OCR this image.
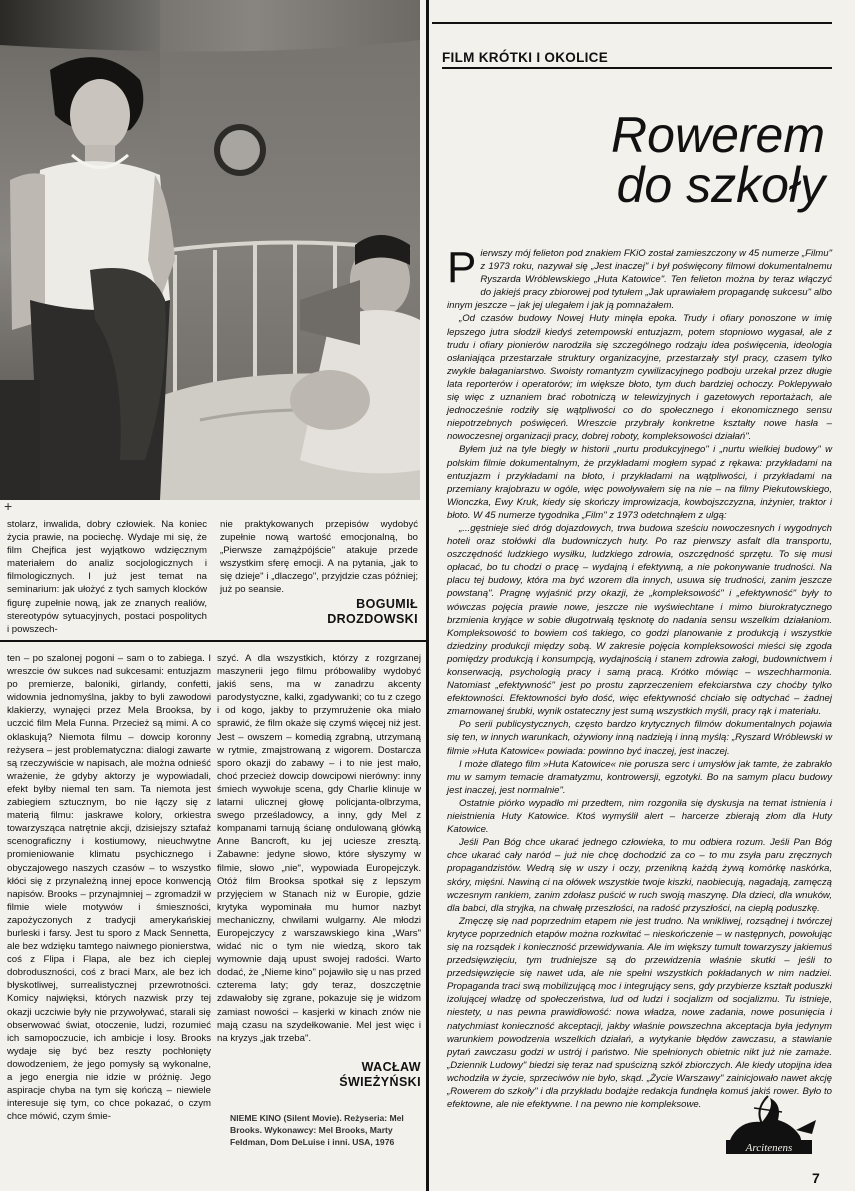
+
FILM KRÓTKI I OKOLICE
Rowerem
do szkoły

stolarz, inwalida, dobry człowiek. Na koniec życia prawie, na pociechę. Wydaje mi się, że film Chejfica jest wyjątkowo wdzięcznym materiałem do analiz socjologicznych i filmologicznych. I już jest temat na seminarium: jak ułożyć z tych samych klocków figurę zupełnie nową, jak ze znanych realiów, stereotypów sytuacyjnych, postaci pospolitych i powszech-

nie praktykowanych przepisów wydobyć zupełnie nową wartość emocjonalną, bo „Pierwsze zamążpójście" atakuje przede wszystkim sferę emocji. A na pytania, „jak to się dzieje" i „dlaczego", przyjdzie czas później; już po seansie.

BOGUMIŁ
DROZDOWSKI

ten – po szalonej pogoni – sam o to zabiega. I wreszcie ów sukces nad sukcesami: entuzjazm po premierze, baloniki, girlandy, confetti, widownia jednomyślna, jakby to byli zawodowi klakierzy, wynajęci przez Mela Brooksa, by uczcić film Mela Funna. Przecież są mimi. A co oklaskują? Niemota filmu – dowcip koronny reżysera – jest problematyczna: dialogi zawarte są rzeczywiście w napisach, ale można odnieść wrażenie, że gdyby aktorzy je wypowiadali, efekt byłby niemal ten sam. Ta niemota jest zabiegiem sztucznym, bo nie łączy się z materią filmu: jaskrawe kolory, orkiestra towarzysząca natrętnie akcji, dzisiejszy sztafaż scenograficzny i kostiumowy, nieuchwytne promieniowanie klimatu psychicznego i obyczajowego naszych czasów – to wszystko kłóci się z przynależną innej epoce konwencją napisów. Brooks – przynajmniej – zgromadził w filmie wiele motywów i śmieszności, zapożyczonych z tradycji amerykańskiej burleski i farsy. Jest tu sporo z Mack Sennetta, ale bez wdzięku tamtego naiwnego pionierstwa, coś z Flipa i Flapa, ale bez ich cieplej dobroduszności, coś z braci Marx, ale bez ich błyskotliwej, surrealistycznej przewrotności. Komicy najwięksi, których nazwisk przy tej okazji uczciwie były nie przywoływać, starali się obserwować świat, otoczenie, ludzi, rozumieć ich samopoczucie, ich ambicje i losy. Brooks wydaje się być bez reszty pochłonięty dowodzeniem, że jego pomysły są wykonalne, a jego energia nie idzie w próżnię. Jego aspiracje chyba na tym się kończą – niewiele interesuje się tym, co chce pokazać, o czym chce mówić, czym śmie-

szyć. A dla wszystkich, którzy z rozgrzanej maszynerii jego filmu próbowaliby wydobyć jakiś sens, ma w zanadrzu akcenty parodystyczne, kalki, zgadywanki; co tu z czego i od kogo, jakby to przymrużenie oka miało sprawić, że film okaże się czymś więcej niż jest. Jest – owszem – komedią zgrabną, utrzymaną w rytmie, zmajstrowaną z wigorem. Dostarcza sporo okazji do zabawy – i to nie jest mało, choć przecież dowcip dowcipowi nierówny: inny śmiech wywołuje scena, gdy Charlie klinuje w latarni ulicznej głowę policjanta-olbrzyma, swego prześladowcy, a inny, gdy Mel z kompanami tarnują ścianę ondulowaną główką Anne Bancroft, ku jej uciesze zresztą. Zabawne: jedyne słowo, które słyszymy w filmie, słowo „nie", wypowiada Europejczyk. Otóż film Brooksa spotkał się z lepszym przyjęciem w Stanach niż w Europie, gdzie krytyka wypominała mu humor nazbyt mechaniczny, chwilami wulgarny. Ale młodzi Europejczycy z warszawskiego kina „Wars" widać nic o tym nie wiedzą, skoro tak wymownie dają upust swojej radości. Warto dodać, że „Nieme kino" pojawiło się u nas przed czterema laty; gdy teraz, doszczętnie zdawałoby się zgrane, pokazuje się je widzom zamiast nowości – kasjerki w kinach znów nie mają czasu na szydełkowanie. Mel jest więc i na kryzys „jak trzeba".

WACŁAW
ŚWIEŻYŃSKI
NIEME KINO (Silent Movie). Reżyseria: Mel Brooks. Wykonawcy: Mel Brooks, Marty Feldman, Dom DeLuise i inni. USA, 1976
P ierwszy mój felieton pod znakiem FKiO został zamieszczony w 45 numerze „Filmu" z 1973 roku, nazywał się „Jest inaczej" i był poświęcony filmowi dokumentalnemu Ryszarda Wróblewskiego „Huta Katowice". Ten felieton można by teraz włączyć do jakiejś pracy zbiorowej pod tytułem „Jak uprawiałem propagandę sukcesu" albo innym jeszcze – jak jej ulegałem i jak ją pomnażałem.

„Od czasów budowy Nowej Huty minęła epoka. Trudy i ofiary ponoszone w imię lepszego jutra słodził kiedyś zetempowski entuzjazm, potem stopniowo wygasał, ale z trudu i ofiary pionierów narodziła się szczególnego rodzaju idea poświęcenia, ideologia osłaniająca przestarzałe struktury organizacyjne, przestarzały styl pracy, czasem tylko zwykłe bałaganiarstwo. Swoisty romantyzm cywilizacyjnego podboju urzekał przez długie lata reporterów i operatorów; im większe błoto, tym duch bardziej ochoczy. Poklepywało się więc z uznaniem brać robotniczą w telewizyjnych i gazetowych reportażach, ale jednocześnie rodziły się wątpliwości co do społecznego i ekonomicznego sensu niepotrzebnych poświęceń. Wreszcie przybrały konkretne kształty nowe hasła – nowoczesnej organizacji pracy, dobrej roboty, kompleksowości działań".

Byłem już na tyle biegły w historii „nurtu produkcyjnego" i „nurtu wielkiej budowy" w polskim filmie dokumentalnym, że przykładami mogłem sypać z rękawa: przykładami na entuzjazm i przykładami na błoto, i przykładami na wątpliwości, i przykładami na przemiany krajobrazu w ogóle, więc powoływałem się na nie – na filmy Piekutowskiego, Wionczka, Ewy Kruk, kiedy się skończy improwizacja, kowbojszczyzna, inżynier, traktor i błoto. W 45 numerze tygodnika „Film" z 1973 odetchnąłem z ulgą:

„...gęstnieje sieć dróg dojazdowych, trwa budowa sześciu nowoczesnych i wygodnych hoteli oraz stołówki dla budowniczych huty. Po raz pierwszy asfalt dla transportu, oszczędność ludzkiego wysiłku, ludzkiego zdrowia, oszczędność sprzętu. To się musi opłacać, bo tu chodzi o pracę – wydajną i efektywną, a nie pokonywanie trudności. Na placu tej budowy, która ma być wzorem dla innych, usuwa się trudności, zanim jeszcze powstaną". Pragnę wyjaśnić przy okazji, że „kompleksowość" i „efektywność" były to wówczas pojęcia prawie nowe, jeszcze nie wyświechtane i mimo biurokratycznego brzmienia kryjące w sobie długotrwałą tęsknotę do nadania sensu wszelkim działaniom. Kompleksowość to bowiem coś takiego, co godzi planowanie z produkcją i wszystkie dziedziny produkcji między sobą. W zakresie pojęcia kompleksowości mieści się zgoda pomiędzy produkcją i konsumpcją, wydajnością i stanem zdrowia załogi, budownictwem i konserwacją, psychologią pracy i samą pracą. Krótko mówiąc – wszechharmonia. Natomiast „efektywność" jest po prostu zaprzeczeniem efekciarstwa czy choćby tylko efektowności. Efektowności było dość, więc efektywność chciało się odtychać – żadnej zmarnowanej śrubki, wynik ostateczny jest sumą wszystkich myśli, pracy rąk i materiału.

Po serii publicystycznych, często bardzo krytycznych filmów dokumentalnych pojawia się ten, w innych warunkach, ożywiony inną nadzieją i inną myślą: „Ryszard Wróblewski w filmie »Huta Katowice« powiada: powinno być inaczej, jest inaczej.

I może dlatego film »Huta Katowice« nie porusza serc i umysłów jak tamte, że zabrakło mu w samym temacie dramatyzmu, kontrowersji, egzotyki. Bo na samym placu budowy jest inaczej, jest normalnie".

Ostatnie piórko wypadło mi przedtem, nim rozgoniła się dyskusja na temat istnienia i nieistnienia Huty Katowice. Ktoś wymyślił alert – harcerze zbierają złom dla Huty Katowice.

Jeśli Pan Bóg chce ukarać jednego człowieka, to mu odbiera rozum. Jeśli Pan Bóg chce ukarać cały naród – już nie chcę dochodzić za co – to mu zsyła paru zręcznych propagandzistów. Wedrą się w uszy i oczy, przenikną każdą żywą komórkę naskórka, skóry, mięśni. Nawiną ci na ołówek wszystkie twoje kiszki, naobiecują, nagadają, zamęczą wczesnym rankiem, zanim zdołasz puścić w ruch swoją maszynę. Dla dzieci, dla wnuków, dla babci, dla stryjka, na chwałę przeszłości, na radość przyszłości, na ciepłą poduszkę.

Zmęczę się nad poprzednim etapem nie jest trudno. Na wnikliwej, rozsądnej i twórczej krytyce poprzednich etapów można rozkwitać – nieskończenie – w następnych, powołując się na rozsądek i konieczność przewidywania. Ale im większy tumult towarzyszy jakiemuś przedsięwzięciu, tym trudniejsze są do przewidzenia właśnie skutki – jeśli to przedsięwzięcie się nawet uda, ale nie spełni wszystkich pokładanych w nim nadziei. Propaganda traci swą mobilizującą moc i integrujący sens, gdy przybierze kształt poduszki izolującej władzę od społeczeństwa, lud od ludzi i socjalizm od socjalizmu. Tu istnieje, niestety, u nas pewna prawidłowość: nowa władza, nowe zadania, nowe posunięcia i natychmiast konieczność akceptacji, jakby właśnie powszechna akceptacja była jedynym warunkiem powodzenia wszelkich działań, a wytykanie błędów zawczasu, a stawianie pytań zawczasu godzi w ustrój i państwo. Nie spełnionych obietnic nikt już nie zamaże. „Dziennik Ludowy" biedzi się teraz nad spuścizną szkół zbiorczych. Ale kiedy utopijna idea wchodziła w życie, sprzeciwów nie było, skąd. „Życie Warszawy" zainicjowało nawet akcję „Rowerem do szkoły" i dla przykładu bodajże redakcja fundnęła komuś jakiś rower. Było to efektowne, ale nie efektywne. I na pewno nie kompleksowe.

Arcitenens
7
